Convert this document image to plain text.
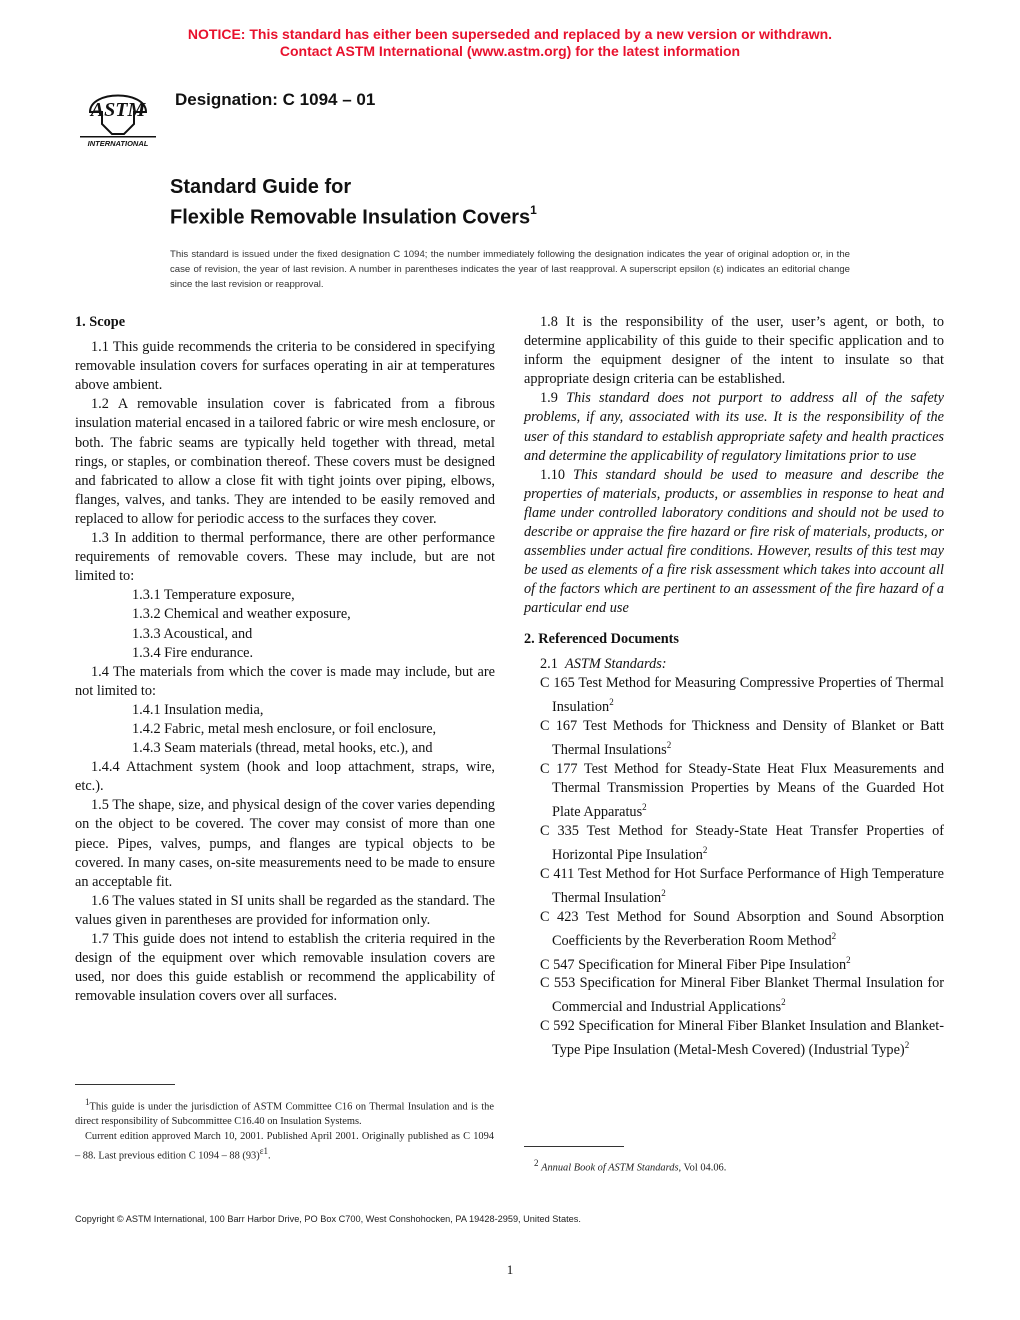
NOTICE: This standard has either been superseded and replaced by a new version or withdrawn.
Contact ASTM International (www.astm.org) for the latest information
ASTM
INTERNATIONAL
Designation: C 1094 – 01
Standard Guide for
Flexible Removable Insulation Covers$^1$
This standard is issued under the fixed designation C 1094; the number immediately following the designation indicates the year of original adoption or, in the case of revision, the year of last revision. A number in parentheses indicates the year of last reapproval. A superscript epsilon (ε) indicates an editorial change since the last revision or reapproval.

1. Scope

1.1 This guide recommends the criteria to be considered in specifying removable insulation covers for surfaces operating in air at temperatures above ambient.

1.2 A removable insulation cover is fabricated from a fibrous insulation material encased in a tailored fabric or wire mesh enclosure, or both. The fabric seams are typically held together with thread, metal rings, or staples, or combination thereof. These covers must be designed and fabricated to allow a close fit with tight joints over piping, elbows, flanges, valves, and tanks. They are intended to be easily removed and replaced to allow for periodic access to the surfaces they cover.

1.3 In addition to thermal performance, there are other performance requirements of removable covers. These may include, but are not limited to:

1.3.1 Temperature exposure,

1.3.2 Chemical and weather exposure,

1.3.3 Acoustical, and

1.3.4 Fire endurance.

1.4 The materials from which the cover is made may include, but are not limited to:

1.4.1 Insulation media,

1.4.2 Fabric, metal mesh enclosure, or foil enclosure,

1.4.3 Seam materials (thread, metal hooks, etc.), and

1.4.4 Attachment system (hook and loop attachment, straps, wire, etc.).

1.5 The shape, size, and physical design of the cover varies depending on the object to be covered. The cover may consist of more than one piece. Pipes, valves, pumps, and flanges are typical objects to be covered. In many cases, on-site measurements need to be made to ensure an acceptable fit.

1.6 The values stated in SI units shall be regarded as the standard. The values given in parentheses are provided for information only.

1.7 This guide does not intend to establish the criteria required in the design of the equipment over which removable insulation covers are used, nor does this guide establish or recommend the applicability of removable insulation covers over all surfaces.

1.8 It is the responsibility of the user, user’s agent, or both, to determine applicability of this guide to their specific application and to inform the equipment designer of the intent to insulate so that appropriate design criteria can be established.

1.9 This standard does not purport to address all of the safety problems, if any, associated with its use. It is the responsibility of the user of this standard to establish appropriate safety and health practices and determine the applicability of regulatory limitations prior to use

1.10 This standard should be used to measure and describe the properties of materials, products, or assemblies in response to heat and flame under controlled laboratory conditions and should not be used to describe or appraise the fire hazard or fire risk of materials, products, or assemblies under actual fire conditions. However, results of this test may be used as elements of a fire risk assessment which takes into account all of the factors which are pertinent to an assessment of the fire hazard of a particular end use

2. Referenced Documents

2.1 ASTM Standards:

C 165 Test Method for Measuring Compressive Properties of Thermal Insulation$^2$

C 167 Test Methods for Thickness and Density of Blanket or Batt Thermal Insulations$^2$

C 177 Test Method for Steady-State Heat Flux Measurements and Thermal Transmission Properties by Means of the Guarded Hot Plate Apparatus$^2$

C 335 Test Method for Steady-State Heat Transfer Properties of Horizontal Pipe Insulation$^2$

C 411 Test Method for Hot Surface Performance of High Temperature Thermal Insulation$^2$

C 423 Test Method for Sound Absorption and Sound Absorption Coefficients by the Reverberation Room Method$^2$

C 547 Specification for Mineral Fiber Pipe Insulation$^2$

C 553 Specification for Mineral Fiber Blanket Thermal Insulation for Commercial and Industrial Applications$^2$

C 592 Specification for Mineral Fiber Blanket Insulation and Blanket-Type Pipe Insulation (Metal-Mesh Covered) (Industrial Type)$^2$

$^1$This guide is under the jurisdiction of ASTM Committee C16 on Thermal Insulation and is the direct responsibility of Subcommittee C16.40 on Insulation Systems.

Current edition approved March 10, 2001. Published April 2001. Originally published as C 1094 – 88. Last previous edition C 1094 – 88 $(93)^{\varepsilon 1}$.

$^2$ Annual Book of ASTM Standards, Vol 04.06.

Copyright © ASTM International, 100 Barr Harbor Drive, PO Box C700, West Conshohocken, PA 19428-2959, United States.
1
